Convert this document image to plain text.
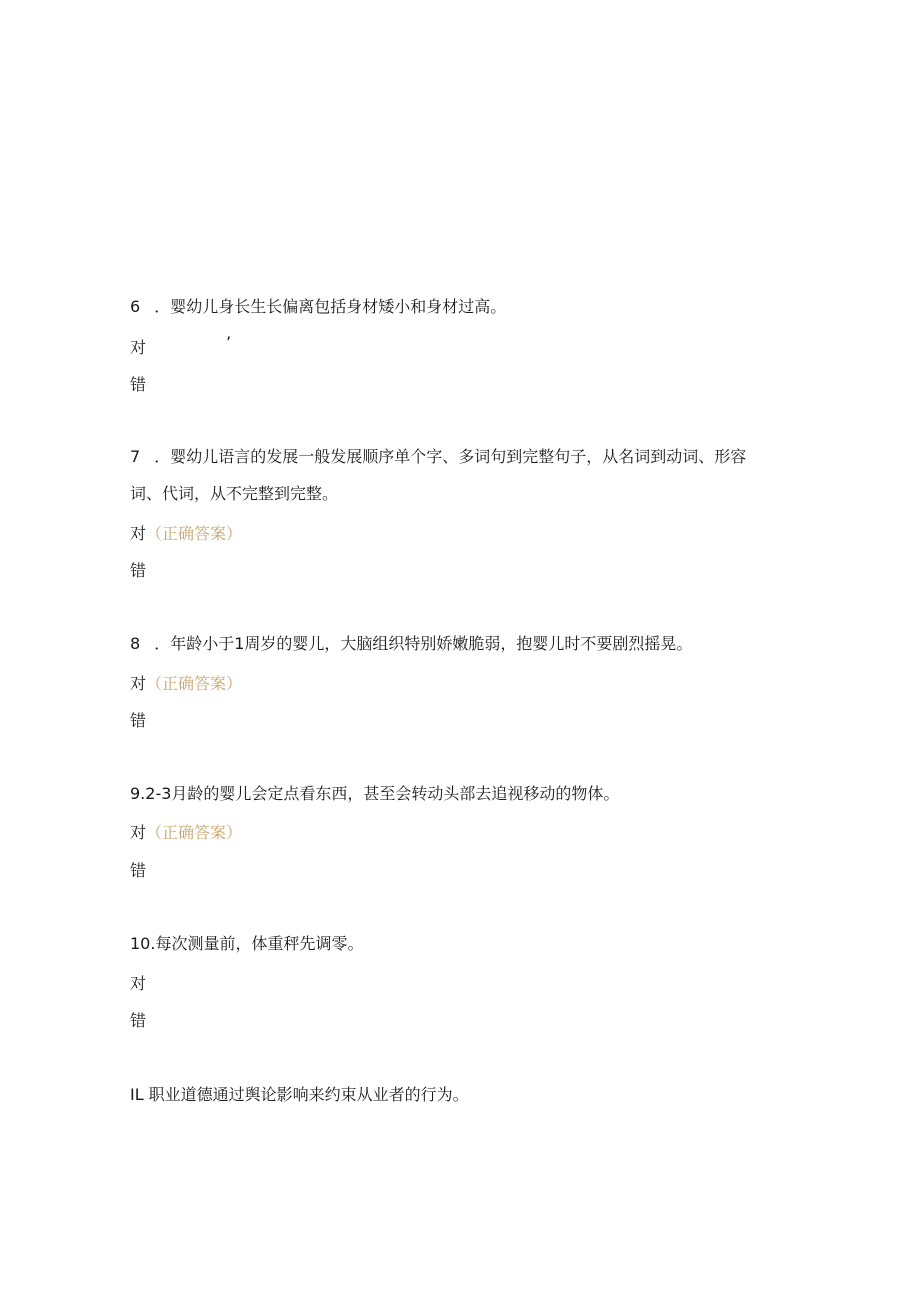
6 ．婴幼儿身长生长偏离包括身材矮小和身材过高。
对	’
错
7 ．婴幼儿语言的发展一般发展顺序单个字、多词句到完整句子，从名词到动词、形容
词、代词，从不完整到完整。
对（正确答案）
错
8 ．年龄小于1周岁的婴儿，大脑组织特别娇嫩脆弱，抱婴儿时不要剧烈摇晃。
对（正确答案）
错
9.2-3月龄的婴儿会定点看东西，甚至会转动头部去追视移动的物体。
对（正确答案）
错
10.每次测量前，体重秤先调零。
对
错
IL 职业道德通过舆论影响来约束从业者的行为。
